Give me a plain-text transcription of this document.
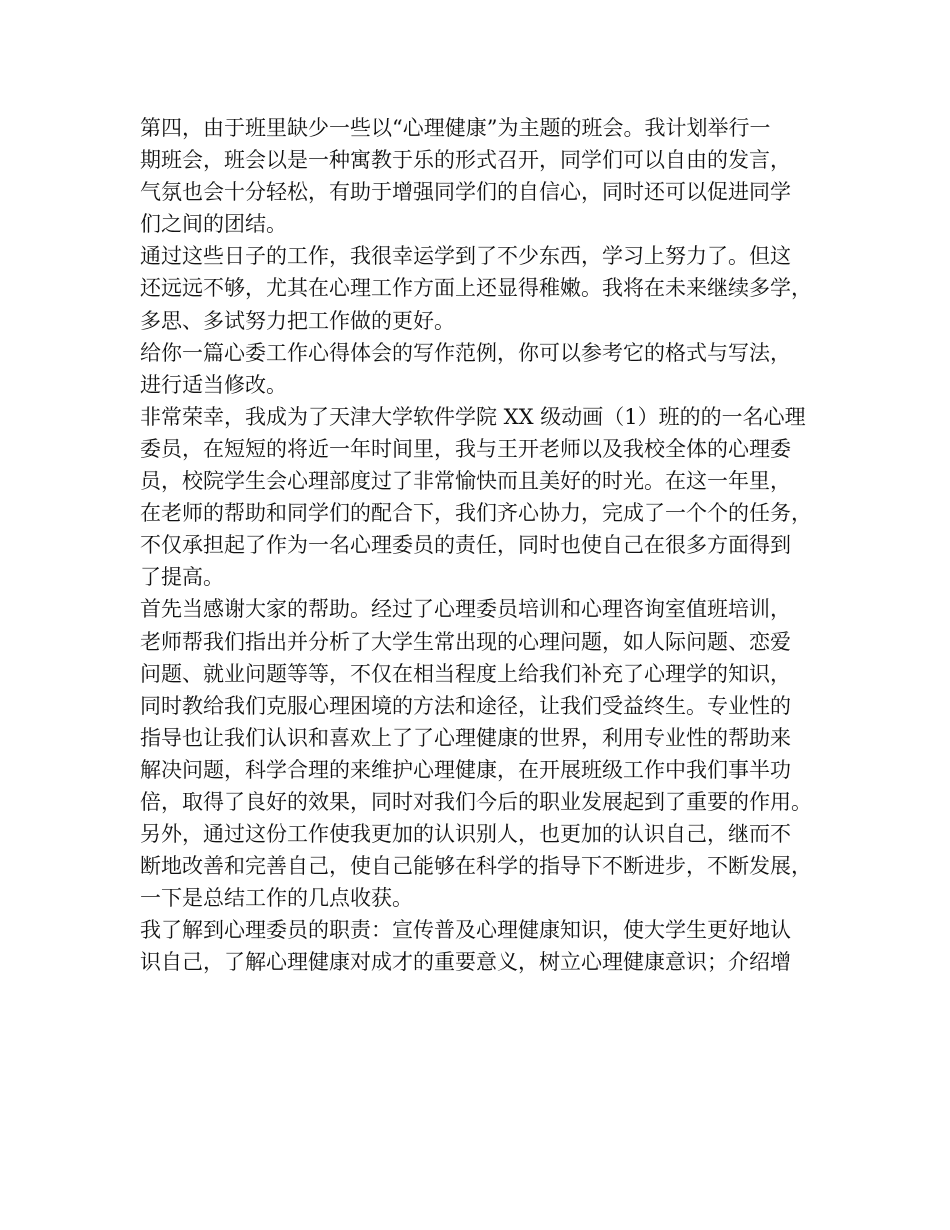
第四，由于班里缺少一些以“心理健康”为主题的班会。我计划举行一
期班会，班会以是一种寓教于乐的形式召开，同学们可以自由的发言，
气氛也会十分轻松，有助于增强同学们的自信心，同时还可以促进同学
们之间的团结。
通过这些日子的工作，我很幸运学到了不少东西，学习上努力了。但这
还远远不够，尤其在心理工作方面上还显得稚嫩。我将在未来继续多学，
多思、多试努力把工作做的更好。
给你一篇心委工作心得体会的写作范例，你可以参考它的格式与写法，
进行适当修改。
非常荣幸，我成为了天津大学软件学院 XX 级动画（1）班的的一名心理
委员，在短短的将近一年时间里，我与王开老师以及我校全体的心理委
员，校院学生会心理部度过了非常愉快而且美好的时光。在这一年里，
在老师的帮助和同学们的配合下，我们齐心协力，完成了一个个的任务，
不仅承担起了作为一名心理委员的责任，同时也使自己在很多方面得到
了提高。
首先当感谢大家的帮助。经过了心理委员培训和心理咨询室值班培训，
老师帮我们指出并分析了大学生常出现的心理问题，如人际问题、恋爱
问题、就业问题等等，不仅在相当程度上给我们补充了心理学的知识，
同时教给我们克服心理困境的方法和途径，让我们受益终生。专业性的
指导也让我们认识和喜欢上了了心理健康的世界，利用专业性的帮助来
解决问题，科学合理的来维护心理健康，在开展班级工作中我们事半功
倍，取得了良好的效果，同时对我们今后的职业发展起到了重要的作用。
另外，通过这份工作使我更加的认识别人，也更加的认识自己，继而不
断地改善和完善自己，使自己能够在科学的指导下不断进步，不断发展，
一下是总结工作的几点收获。
我了解到心理委员的职责：宣传普及心理健康知识，使大学生更好地认
识自己，了解心理健康对成才的重要意义，树立心理健康意识；介绍增
